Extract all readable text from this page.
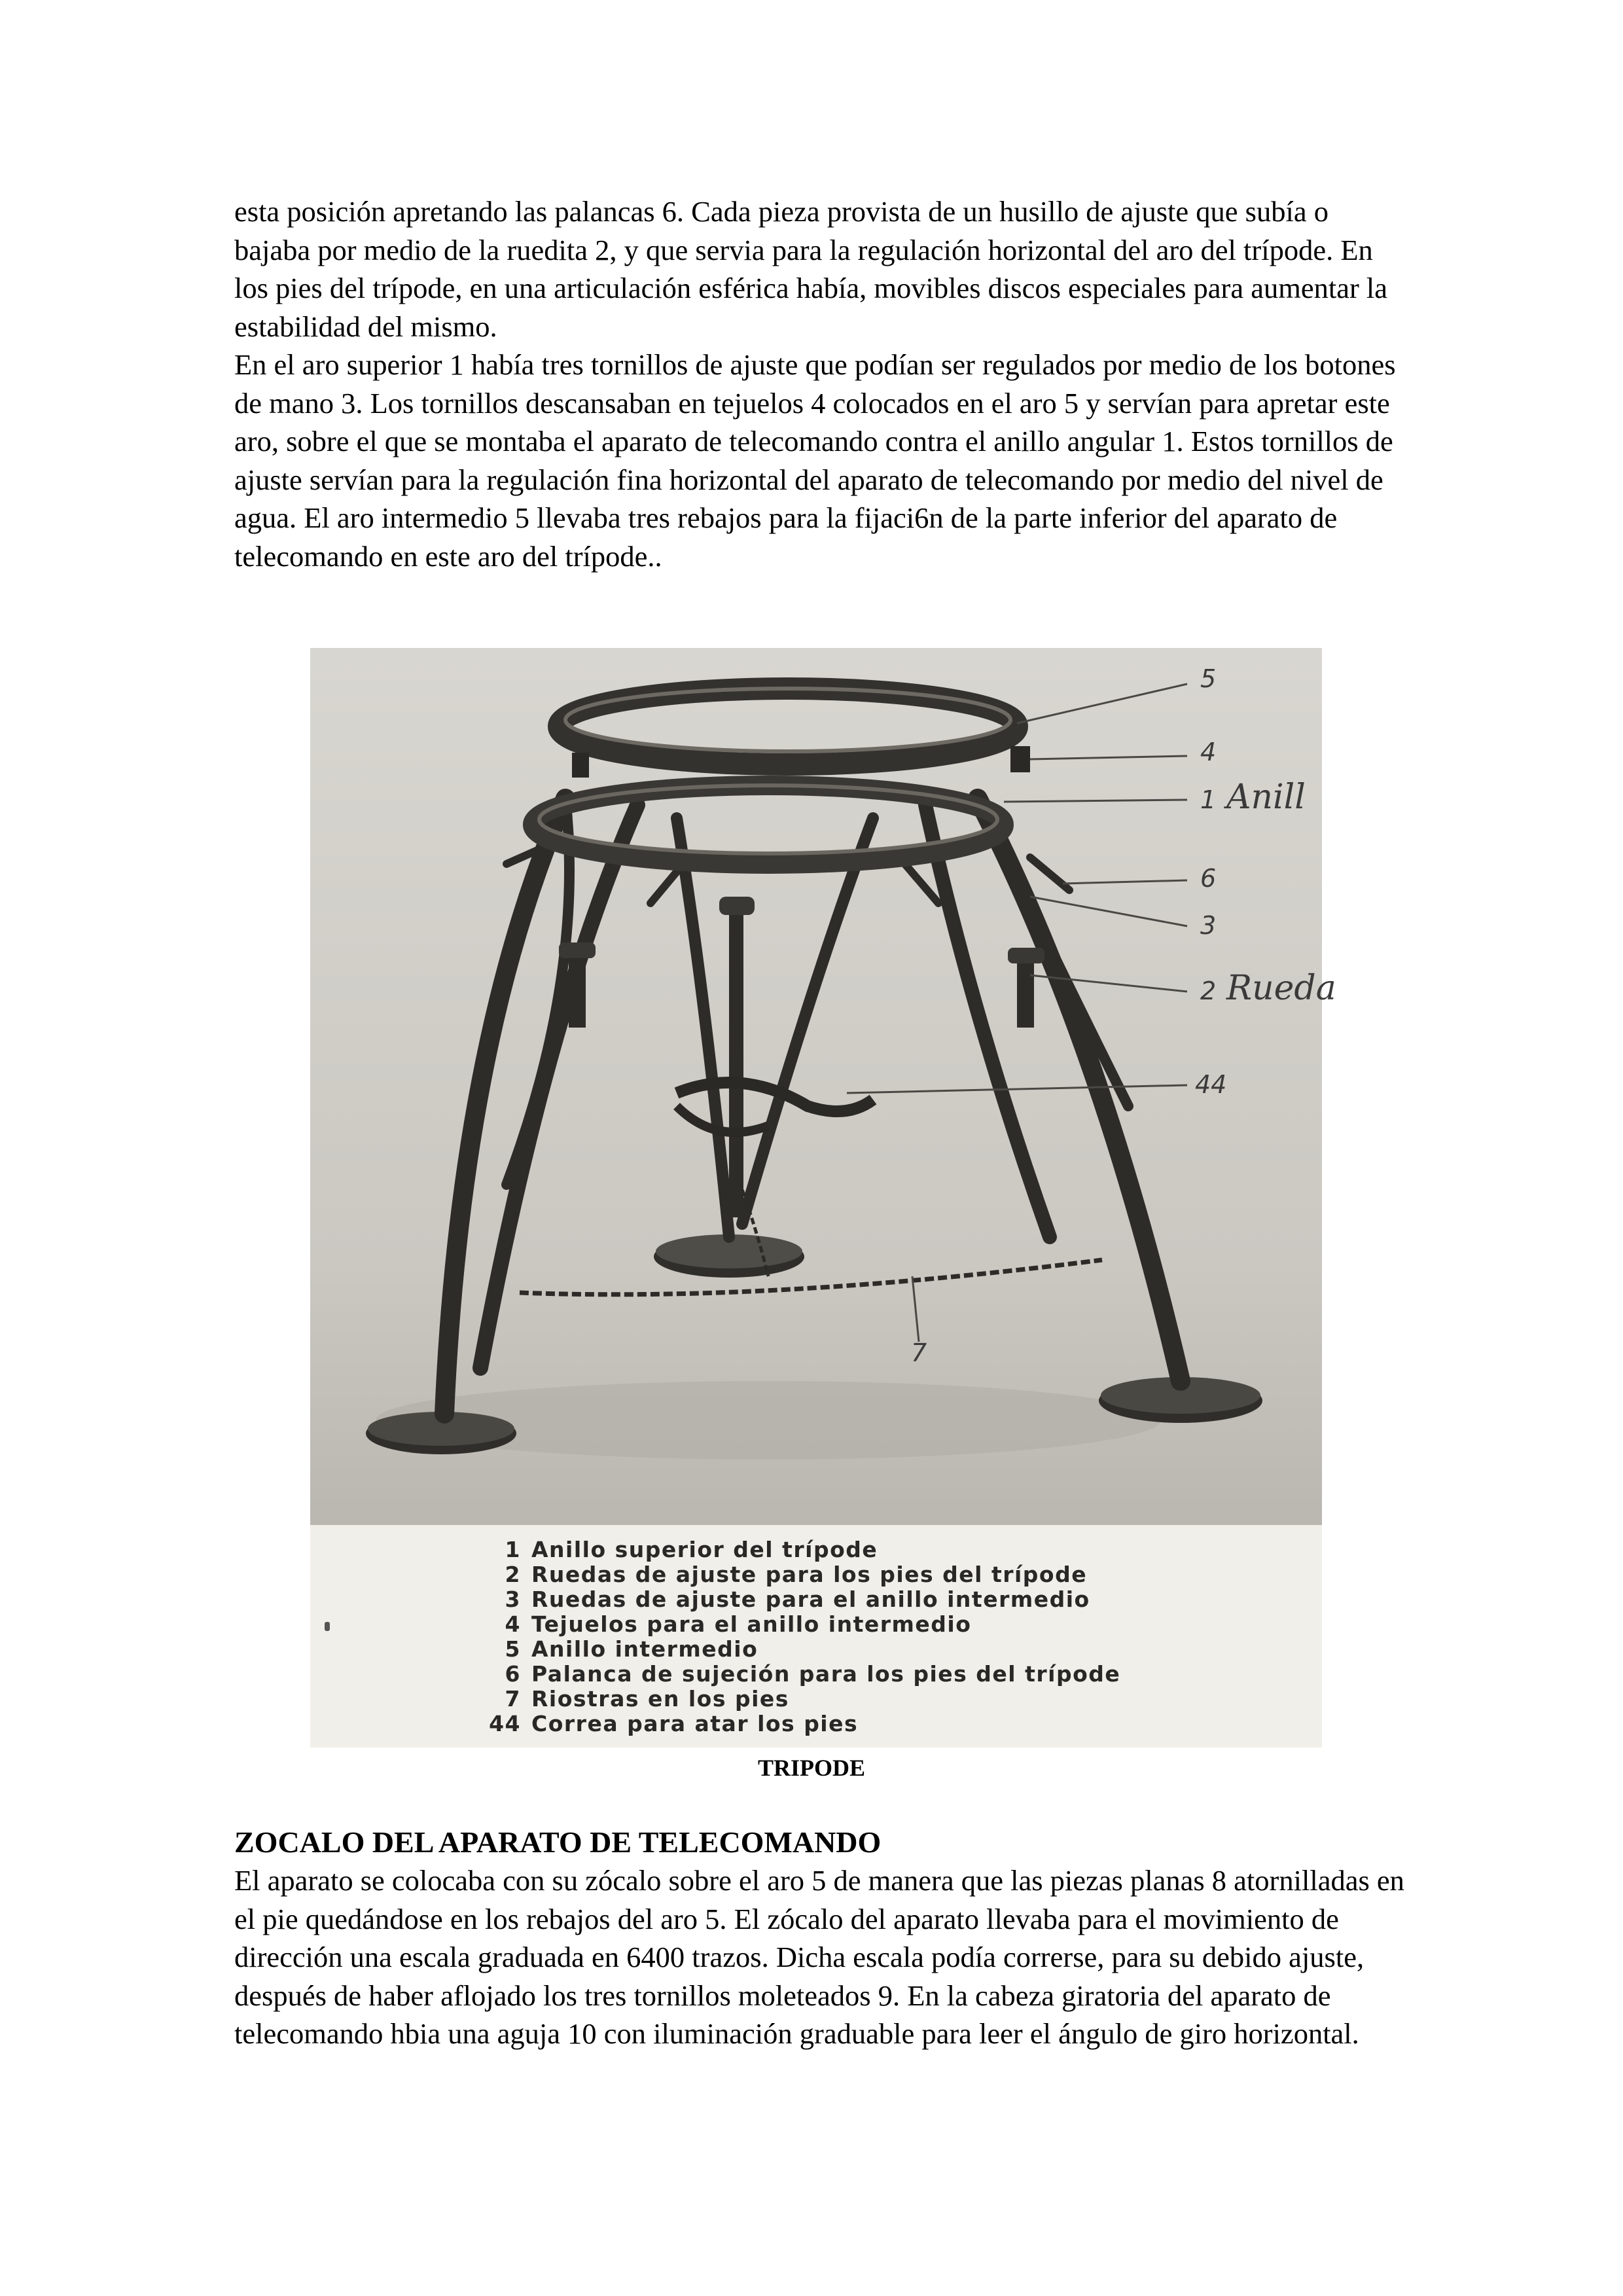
esta posición apretando las palancas 6. Cada pieza provista de un husillo de ajuste que subía o bajaba por medio de la ruedita 2, y que servia para la regulación horizontal del aro del trípode. En los pies del trípode, en una articulación esférica había, movibles discos especiales para aumentar la estabilidad del mismo.

En el aro superior 1 había tres tornillos de ajuste que podían ser regulados por medio de los botones de mano 3. Los tornillos descansaban en tejuelos 4 colocados en el aro 5 y servían para apretar este aro, sobre el que se montaba el aparato de telecomando contra el anillo angular 1. Estos tornillos de ajuste servían para la regulación fina horizontal del aparato de telecomando por medio del nivel de agua. El aro intermedio 5 llevaba tres rebajos para la fijaci6n de la parte inferior del aparato de telecomando en este aro del trípode..

5
4
1 Anill
6
3
2 Rueda
44
7
1 Anillo superior del trípode
2 Ruedas de ajuste para los pies del trípode
3 Ruedas de ajuste para el anillo intermedio
4 Tejuelos para el anillo intermedio
5 Anillo intermedio
6 Palanca de sujeción para los pies del trípode
7 Riostras en los pies
44 Correa para atar los pies
TRIPODE
ZOCALO DEL APARATO DE TELECOMANDO

El aparato se colocaba con su zócalo sobre el aro 5 de manera que las piezas planas 8 atornilladas en el pie quedándose en los rebajos del aro 5. El zócalo del aparato llevaba para el movimiento de dirección una escala graduada en 6400 trazos. Dicha escala podía correrse, para su debido ajuste, después de haber aflojado los tres tornillos moleteados 9. En la cabeza giratoria del aparato de telecomando hbia una aguja 10 con iluminación graduable para leer el ángulo de giro horizontal.
